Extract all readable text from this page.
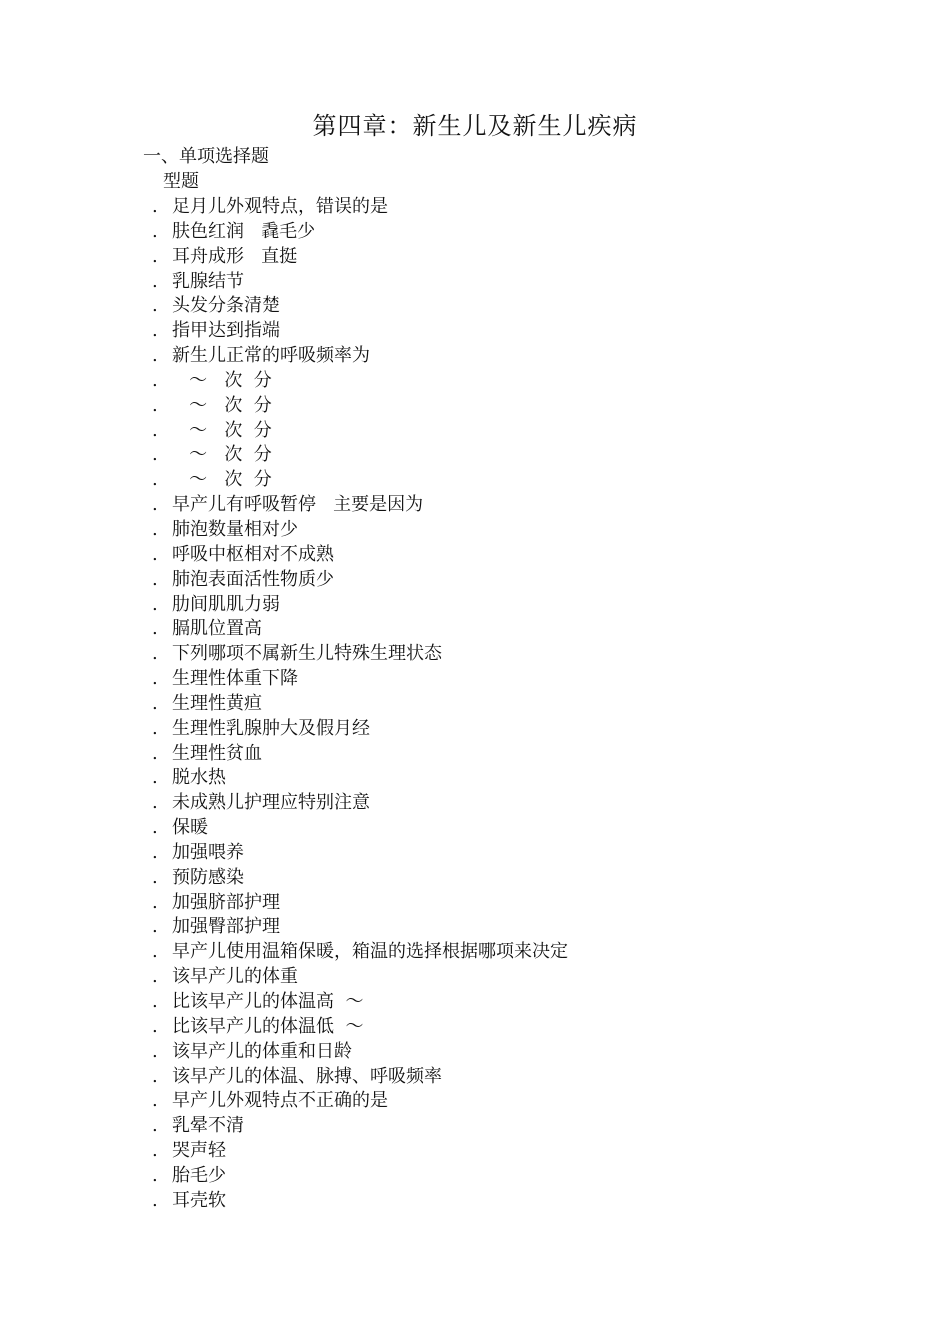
第四章：新生儿及新生儿疾病
一、单项选择题
型题
. 足月儿外观特点，错误的是
. 肤色红润   毳毛少
. 耳舟成形   直挺
. 乳腺结节
. 头发分条清楚
. 指甲达到指端
. 新生儿正常的呼吸频率为
. ～   次  分
. ～   次  分
. ～   次  分
. ～   次  分
. ～   次  分
. 早产儿有呼吸暂停   主要是因为
. 肺泡数量相对少
. 呼吸中枢相对不成熟
. 肺泡表面活性物质少
. 肋间肌肌力弱
. 膈肌位置高
. 下列哪项不属新生儿特殊生理状态
. 生理性体重下降
. 生理性黄疸
. 生理性乳腺肿大及假月经
. 生理性贫血
. 脱水热
. 未成熟儿护理应特别注意
. 保暖
. 加强喂养
. 预防感染
. 加强脐部护理
. 加强臀部护理
. 早产儿使用温箱保暖，箱温的选择根据哪项来决定
. 该早产儿的体重
. 比该早产儿的体温高  ～
. 比该早产儿的体温低  ～
. 该早产儿的体重和日龄
. 该早产儿的体温、脉搏、呼吸频率
. 早产儿外观特点不正确的是
. 乳晕不清
. 哭声轻
. 胎毛少
. 耳壳软
